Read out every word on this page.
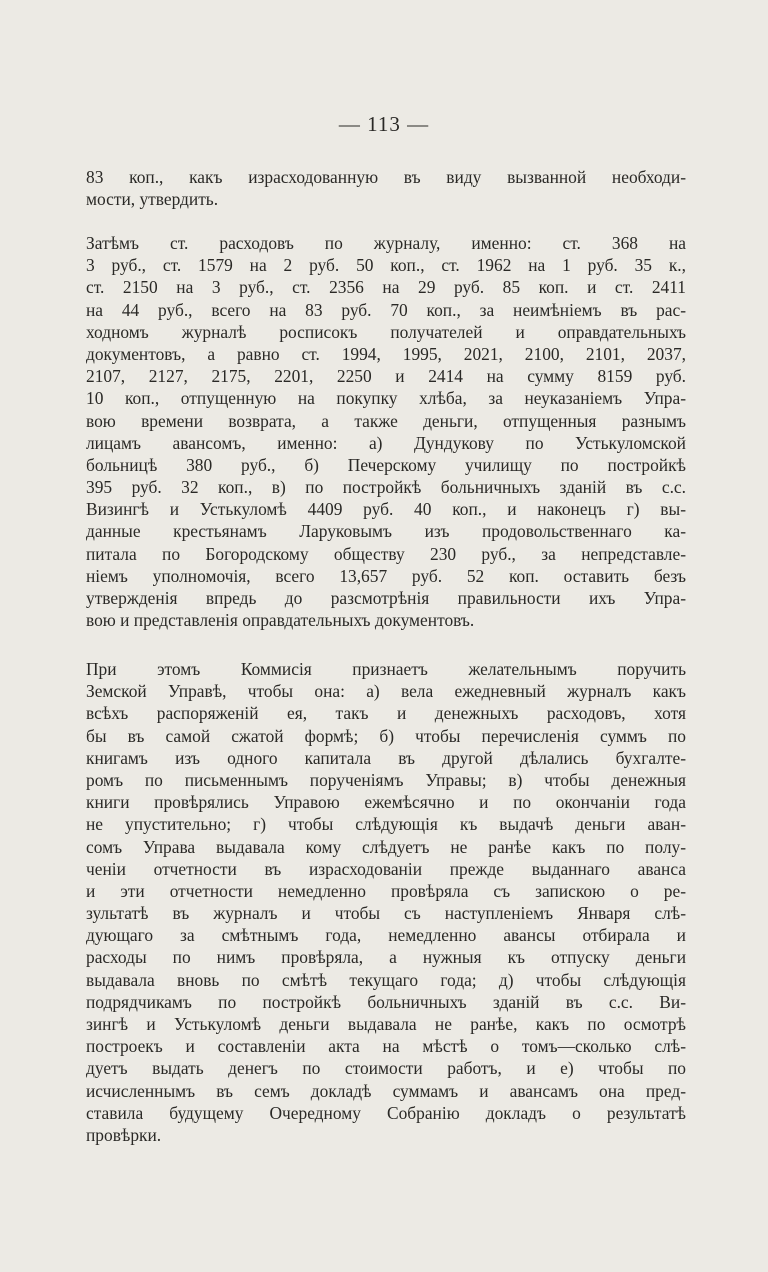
— 113 —
83 коп., какъ израсходованную въ виду вызванной необходи-
мости, утвердить.
Затѣмъ ст. расходовъ по журналу, именно: ст. 368 на
3 руб., ст. 1579 на 2 руб. 50 коп., ст. 1962 на 1 руб. 35 к.,
ст. 2150 на 3 руб., ст. 2356 на 29 руб. 85 коп. и ст. 2411
на 44 руб., всего на 83 руб. 70 коп., за неимѣніемъ въ рас-
ходномъ журналѣ росписокъ получателей и оправдательныхъ
документовъ, а равно ст. 1994, 1995, 2021, 2100, 2101, 2037,
2107, 2127, 2175, 2201, 2250 и 2414 на сумму 8159 руб.
10 коп., отпущенную на покупку хлѣба, за неуказаніемъ Упра-
вою времени возврата, а также деньги, отпущенныя разнымъ
лицамъ авансомъ, именно: а) Дундукову по Устькуломской
больницѣ 380 руб., б) Печерскому училищу по постройкѣ
395 руб. 32 коп., в) по постройкѣ больничныхъ зданій въ с.с.
Визингѣ и Устькуломѣ 4409 руб. 40 коп., и наконецъ г) вы-
данные крестьянамъ Ларуковымъ изъ продовольственнаго ка-
питала по Богородскому обществу 230 руб., за непредставле-
ніемъ уполномочія, всего 13,657 руб. 52 коп. оставить безъ
утвержденія впредь до разсмотрѣнія правильности ихъ Упра-
вою и представленія оправдательныхъ документовъ.
При этомъ Коммисія признаетъ желательнымъ поручить
Земской Управѣ, чтобы она: а) вела ежедневный журналъ какъ
всѣхъ распоряженій ея, такъ и денежныхъ расходовъ, хотя
бы въ самой сжатой формѣ; б) чтобы перечисленія суммъ по
книгамъ изъ одного капитала въ другой дѣлались бухгалте-
ромъ по письменнымъ порученіямъ Управы; в) чтобы денежныя
книги провѣрялись Управою ежемѣсячно и по окончаніи года
не упустительно; г) чтобы слѣдующія къ выдачѣ деньги аван-
сомъ Управа выдавала кому слѣдуетъ не ранѣе какъ по полу-
ченіи отчетности въ израсходованіи прежде выданнаго аванса
и эти отчетности немедленно провѣряла съ запискою о ре-
зультатѣ въ журналъ и чтобы съ наступленіемъ Января слѣ-
дующаго за смѣтнымъ года, немедленно авансы отбирала и
расходы по нимъ провѣряла, а нужныя къ отпуску деньги
выдавала вновь по смѣтѣ текущаго года; д) чтобы слѣдующія
подрядчикамъ по постройкѣ больничныхъ зданій въ с.с. Ви-
зингѣ и Устькуломѣ деньги выдавала не ранѣе, какъ по осмотрѣ
построекъ и составленіи акта на мѣстѣ о томъ—сколько слѣ-
дуетъ выдать денегъ по стоимости работъ, и е) чтобы по
исчисленнымъ въ семъ докладѣ суммамъ и авансамъ она пред-
ставила будущему Очередному Собранію докладъ о результатѣ
провѣрки.
